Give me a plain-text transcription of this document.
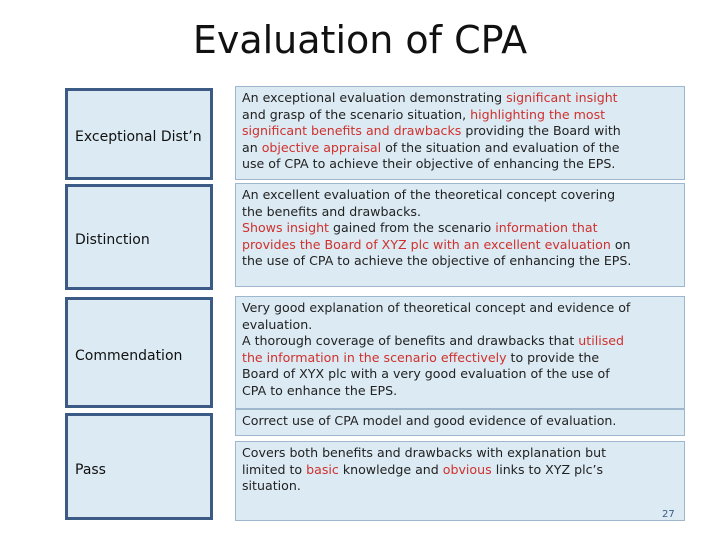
Evaluation of CPA
Exceptional Dist’n
Distinction
Commendation
Pass
An exceptional evaluation demonstrating significant insight
and grasp of the scenario situation, highlighting the most
significant benefits and drawbacks providing the Board with
an objective appraisal of the situation and evaluation of the
use of CPA to achieve their objective of enhancing the EPS.
An excellent evaluation of the theoretical concept covering
the benefits and drawbacks.
Shows insight gained from the scenario information that
provides the Board of XYZ plc with an excellent evaluation on
the use of CPA to achieve the objective of enhancing the EPS.
Very good explanation of theoretical concept and evidence of
evaluation.
A thorough coverage of benefits and drawbacks that utilised
the information in the scenario effectively to provide the
Board of XYX plc with a very good evaluation of the use of
CPA to enhance the EPS.
Correct use of CPA model and good evidence of evaluation.
Covers both benefits and drawbacks with explanation but
limited to basic knowledge and obvious links to XYZ plc’s
situation.
27
